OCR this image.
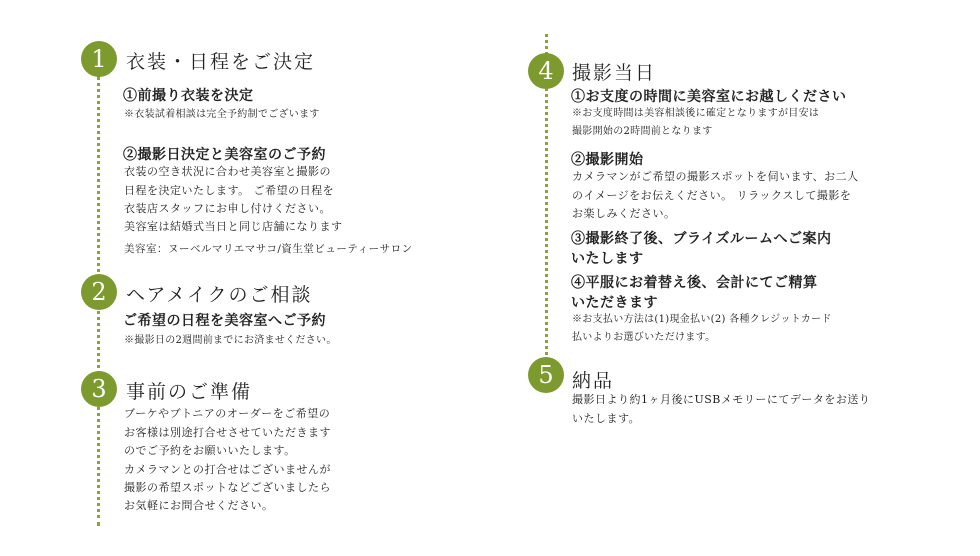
1	衣装・日程をご決定
①前撮り衣装を決定
※衣装試着相談は完全予約制でございます
②撮影日決定と美容室のご予約
衣装の空き状況に合わせ美容室と撮影の
日程を決定いたします。 ご希望の日程を
衣装店スタッフにお申し付けください。
美容室は結婚式当日と同じ店舗になります
美容室：ヌーベルマリエマサコ/資生堂ビューティーサロン
2	ヘアメイクのご相談
ご希望の日程を美容室へご予約
※撮影日の2週間前までにお済ませください。
3	事前のご準備
ブーケやブトニアのオーダーをご希望の
お客様は別途打合せさせていただきます
のでご予約をお願いいたします。
カメラマンとの打合せはございませんが
撮影の希望スポットなどございましたら
お気軽にお問合せください。
4 撮影当日
①お支度の時間に美容室にお越しください
※お支度時間は美容相談後に確定となりますが目安は
撮影開始の2時間前となります
②撮影開始
カメラマンがご希望の撮影スポットを伺います、お二人
のイメージをお伝えください。 リラックスして撮影を
お楽しみください。
③撮影終了後、ブライズルームへご案内
いたします
④平服にお着替え後、会計にてご精算
いただきます
※お支払い方法は(1)現金払い(2) 各種クレジットカード
払いよりお選びいただけます。
5 納品
撮影日より約1ヶ月後にUSBメモリーにてデータをお送り
いたします。
